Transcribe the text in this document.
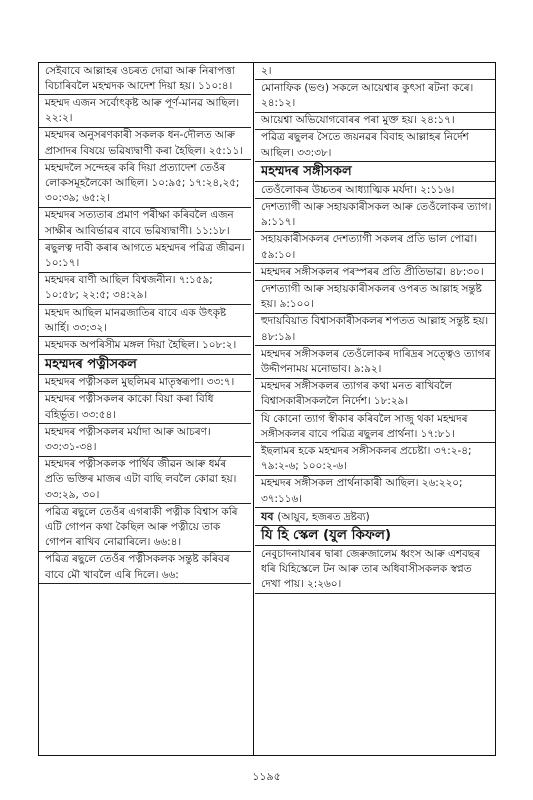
সেইবাবে আল্লাহৰ ওচৰত দোৱা আৰু নিৰাপত্তা বিচাৰিবলৈ মহম্মদক আদেশ দিয়া হয়। ১১০:৪।
মহম্মদ এজন সৰ্বোৎকৃষ্ট আৰু পূৰ্ণ-মানৱ আছিল। ২২:২।
মহম্মদৰ অনুসৰণকাৰী সকলক ধন-দৌলত আৰু প্ৰাসাদৰ বিষয়ে ভৱিষ্যদ্বাণী কৰা হৈছিল। ২৫:১১।
মহম্মদলৈ সন্দেহৰ কৰি দিয়া প্ৰত্যাদেশ তেওঁৰ লোকসমূহলৈকো আছিল। ১০:৯৫; ১৭:২৪,২৫; ৩০:৩৯; ৬৫:২।
মহম্মদৰ সত্যতাৰ প্ৰমাণ পৰীক্ষা কৰিবলৈ এজন সাক্ষীৰ আবিৰ্ভাৱৰ বাবে ভৱিষ্যদ্বাণী। ১১:১৮।
ৰছুলত্ব দাবী কৰাৰ আগতে মহম্মদৰ পৱিত্ৰ জীৱন। ১০:১৭।
মহম্মদৰ বাণী আছিল বিশ্বজনীন। ৭:১৫৯; ১০:৫৮; ২২:৫; ৩৪:২৯।
মহম্মদ আছিল মানৱজাতিৰ বাবে এক উৎকৃষ্ট আৰ্হি। ৩৩:৩২।
মহম্মদক অপৰিসীম মঙ্গল দিয়া হৈছিল। ১০৮:২।
মহম্মদৰ পত্নীসকল
মহম্মদৰ পত্নীসকল মুছলিমৰ মাতৃস্বৰূপা। ৩৩:৭।
মহম্মদৰ পত্নীসকলৰ কাকো বিয়া কৰা বিধি বহিৰ্ভূত। ৩৩:৫৪।
মহম্মদৰ পত্নীসকলৰ মৰ্যাদা আৰু আচৰণ। ৩৩:৩১-৩৪।
মহম্মদৰ পত্নীসকলক পাৰ্থিব জীৱন আৰু ধৰ্মৰ প্ৰতি ভক্তিৰ মাজৰ এটা বাছি লবলৈ কোৱা হয়। ৩৩:২৯, ৩০।
পৱিত্ৰ ৰছুলে তেওঁৰ এগৰাকী পত্নীক বিশ্বাস কৰি এটি গোপন কথা কৈছিল আৰু পত্নীয়ে তাক গোপন ৰাখিব নোৱাৰিলে। ৬৬:৪।
পৱিত্ৰ ৰছুলে তেওঁৰ পত্নীসকলক সন্তুষ্ট কৰিবৰ বাবে মৌ খাবলৈ এৰি দিলে। ৬৬:
২।
মোনাফিক (ভণ্ড) সকলে আয়েশ্বাৰ কুৎসা ৰটনা কৰে। ২৪:১২।
আয়েশ্বা অভিযোগবোৰৰ পৰা মুক্ত হয়। ২৪:১৭।
পৱিত্ৰ ৰছুলৰ সৈতে জয়নৱৰ বিবাহ আল্লাহৰ নিৰ্দেশ আছিল। ৩৩:৩৮।
মহম্মদৰ সঙ্গীসকল
তেওঁলোকৰ উচ্চতৰ আধ্যাত্মিক মৰ্যদা। ২:১১৬।
দেশত্যাগী আৰু সহায়কাৰীসকল আৰু তেওঁলোকৰ ত্যাগ। ৯:১১৭।
সহায়কাৰীসকলৰ দেশত্যাগী সকলৰ প্ৰতি ভাল পোৱা। ৫৯:১০।
মহম্মদৰ সঙ্গীসকলৰ পৰস্পৰৰ প্ৰতি প্ৰীতিভাৱ। ৪৮:৩০।
দেশত্যাগী আৰু সহায়কাৰীসকলৰ ওপৰত আল্লাহ সন্তুষ্ট হয়। ৯:১০০।
হুদায়বিয়াত বিশ্বাসকাৰীসকলৰ শপতত আল্লাহ সন্তুষ্ট হয়। ৪৮:১৯।
মহম্মদৰ সঙ্গীসকলৰ তেওঁলোকৰ দাৰিদ্ৰৰ সত্ত্বেও ত্যাগৰ উদ্দীপনাময় মনোভাব। ৯:৯২।
মহম্মদৰ সঙ্গীসকলৰ ত্যাগৰ কথা মনত ৰাখিবলৈ বিশ্বাসকাৰীসকললৈ নিৰ্দেশ। ১৮:২৯।
যি কোনো ত্যাগ স্বীকাৰ কৰিবলৈ সাজু থকা মহম্মদৰ সঙ্গীসকলৰ বাবে পৱিত্ৰ ৰছুলৰ প্ৰাৰ্থনা। ১৭:৮১।
ইছলামৰ হকে মহম্মদৰ সঙ্গীসকলৰ প্ৰচেষ্টা। ৩৭:২-৪; ৭৯:২-৬; ১০০:২-৬।
মহম্মদৰ সঙ্গীসকল প্ৰাৰ্থনাকাৰী আছিল। ২৬:২২০; ৩৭:১১৬।
যব (আয়ুব, হজৰত দ্ৰষ্টব্য)
যি হি স্কেল (যুল কিফল)
নেবুচাদনাযাৰৰ দ্বাৰা জেৰুজালেম ধ্বংস আৰু এশবছৰ ধৰি যিহিস্কেলে টন আৰু তাৰ অধিবাসীসকলক স্বপ্নত দেখা পায়। ২:২৬০।
১১৯৫
